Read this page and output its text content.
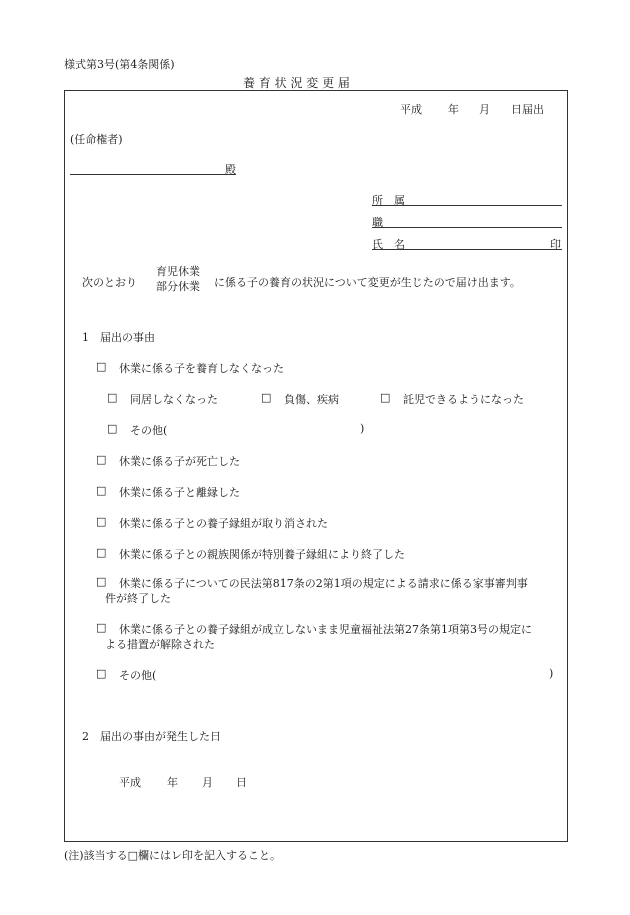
様式第3号(第4条関係)
養 育 状 況 変 更 届
平成 年 月 日届出
(任命権者)
殿
所　属
職
氏　名	印
次のとおり
育児休業
部分休業 に係る子の養育の状況について変更が生じたので届け出ます。
1　届出の事由
□ 休業に係る子を養育しなくなった
□ 同居しなくなった	□ 負傷、疾病	□ 託児できるようになった
□ その他(	)
□ 休業に係る子が死亡した
□ 休業に係る子と離縁した
□ 休業に係る子との養子縁組が取り消された
□ 休業に係る子との親族関係が特別養子縁組により終了した
□ 休業に係る子についての民法第817条の2第1項の規定による請求に係る家事審判事
件が終了した
□ 休業に係る子との養子縁組が成立しないまま児童福祉法第27条第1項第3号の規定に
よる措置が解除された
□ その他(	)
2　届出の事由が発生した日
平成 年 月 日
(注)該当する□欄にはレ印を記入すること。
